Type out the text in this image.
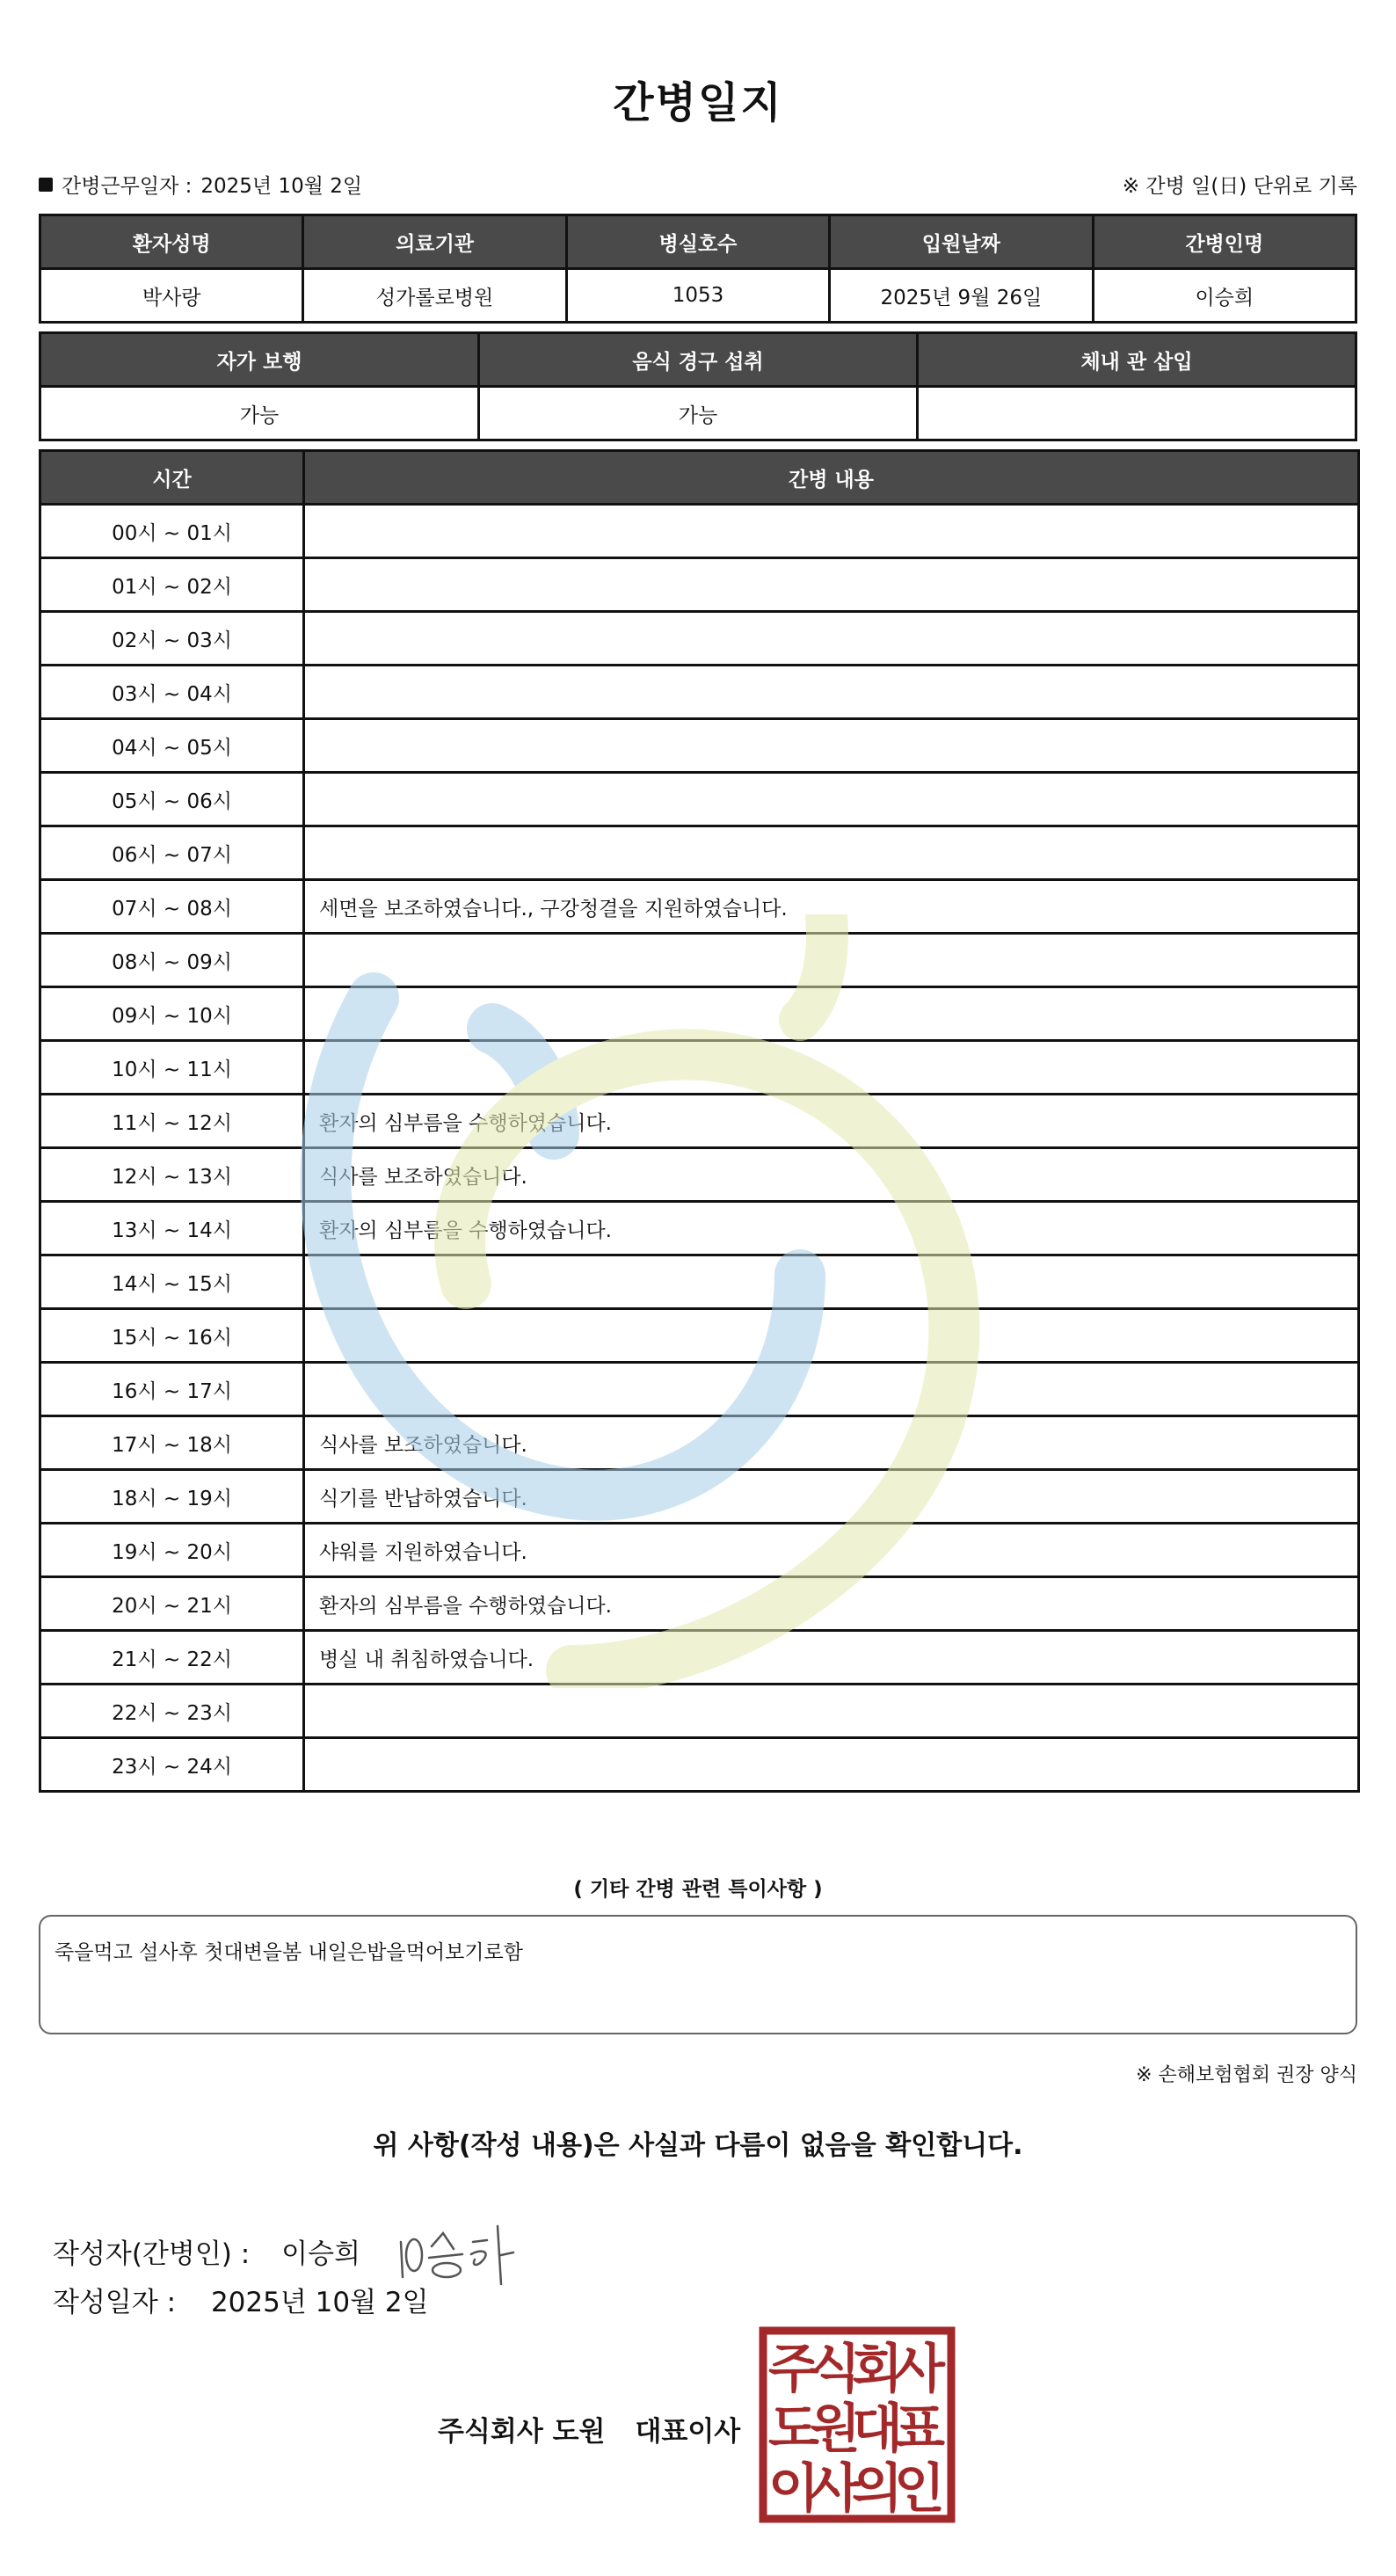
간병일지
간병근무일자 : 2025년 10월 2일	※ 간병 일(日) 단위로 기록
환자성명	의료기관	병실호수	입원날짜	간병인명
박사랑	성가롤로병원	1053	2025년 9월 26일	이승희
자가 보행	음식 경구 섭취	체내 관 삽입
가능	가능	
시간	간병 내용
00시 ~ 01시	
01시 ~ 02시	
02시 ~ 03시	
03시 ~ 04시	
04시 ~ 05시	
05시 ~ 06시	
06시 ~ 07시	
07시 ~ 08시	세면을 보조하였습니다., 구강청결을 지원하였습니다.
08시 ~ 09시	
09시 ~ 10시	
10시 ~ 11시	
11시 ~ 12시	환자의 심부름을 수행하였습니다.
12시 ~ 13시	식사를 보조하였습니다.
13시 ~ 14시	환자의 심부름을 수행하였습니다.
14시 ~ 15시	
15시 ~ 16시	
16시 ~ 17시	
17시 ~ 18시	식사를 보조하였습니다.
18시 ~ 19시	식기를 반납하였습니다.
19시 ~ 20시	샤워를 지원하였습니다.
20시 ~ 21시	환자의 심부름을 수행하였습니다.
21시 ~ 22시	병실 내 취침하였습니다.
22시 ~ 23시	
23시 ~ 24시	
( 기타 간병 관련 특이사항 )
죽을먹고 설사후 첫대변을봄 내일은밥을먹어보기로함
※ 손해보험협회 권장 양식
위 사항(작성 내용)은 사실과 다름이 없음을 확인합니다.
작성자(간병인) : 이승희
작성일자 : 2025년 10월 2일
주식회사 도원 대표이사
주
식
회
사
도
원
대
표
이
사
의
인
